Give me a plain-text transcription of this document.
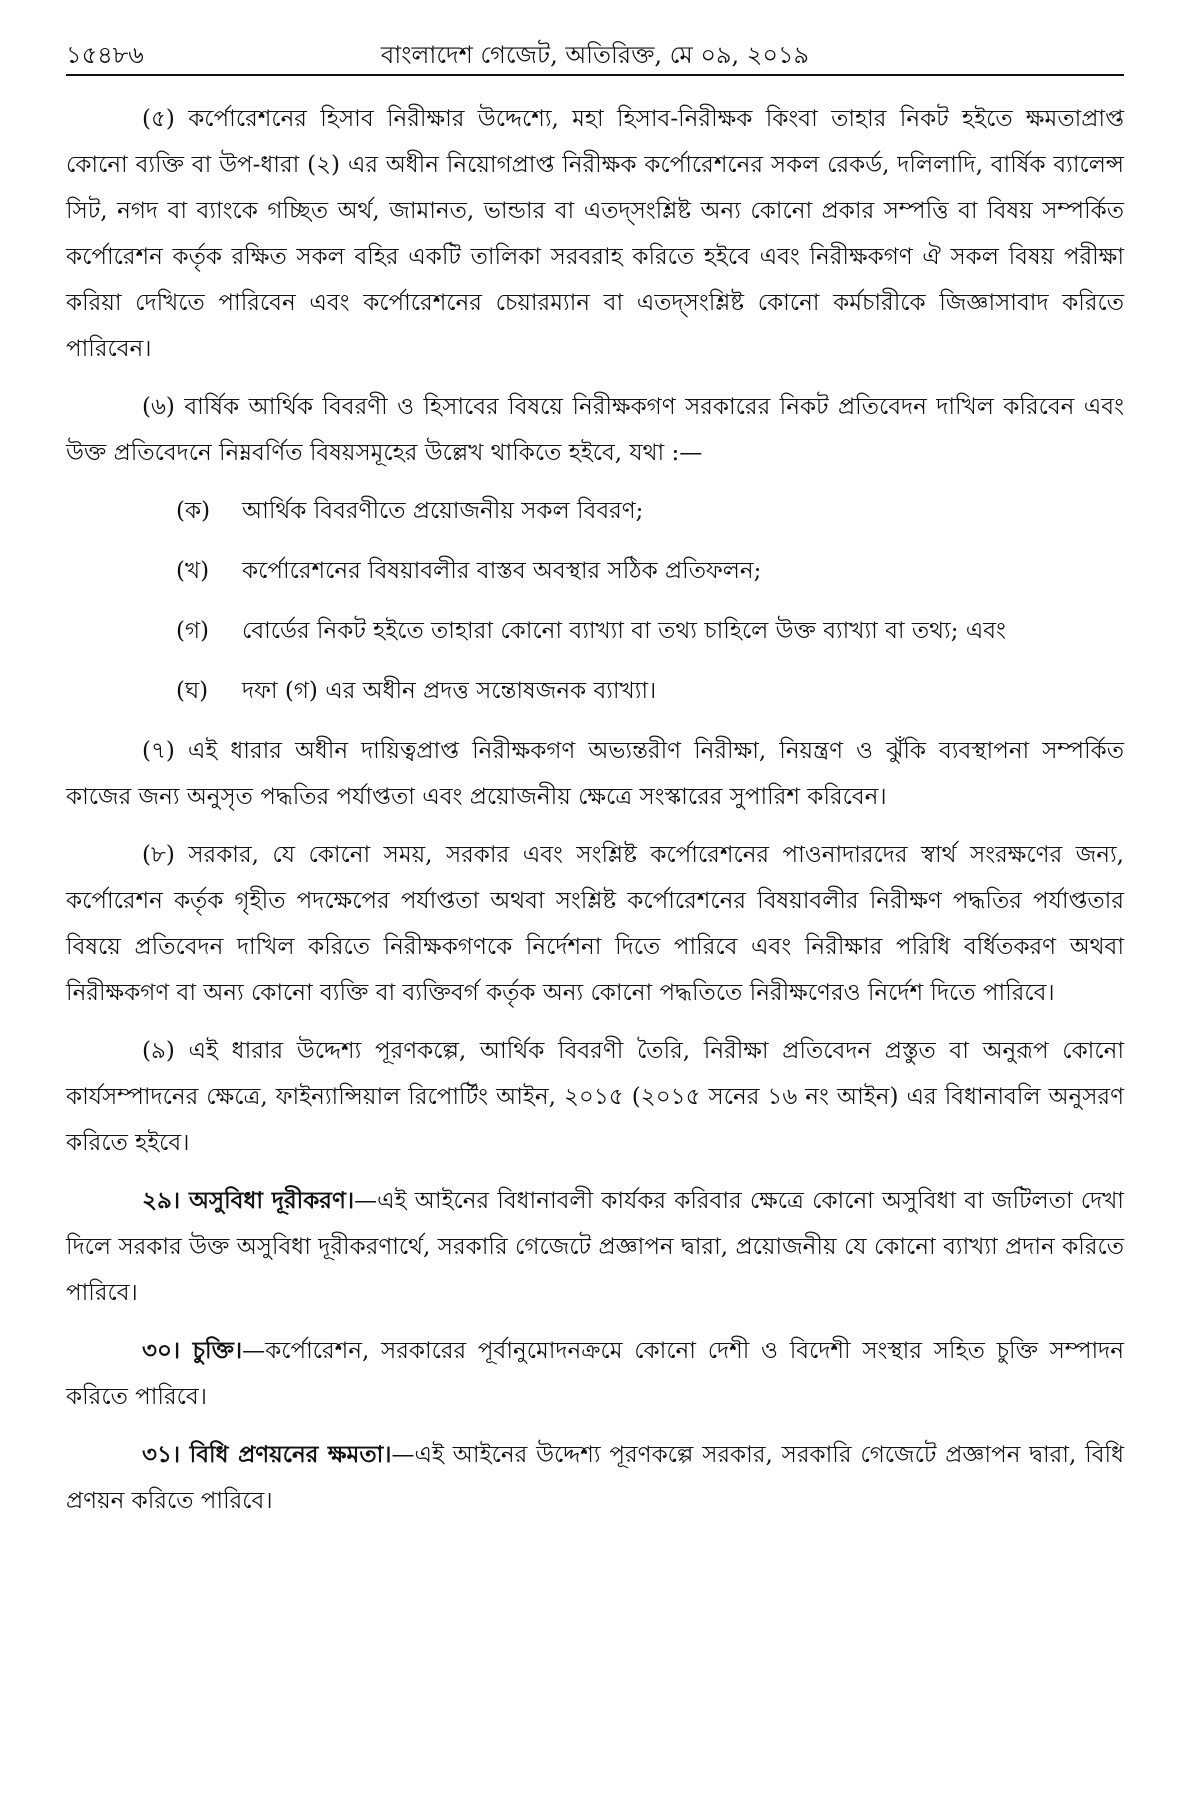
১৫৪৮৬	বাংলাদেশ গেজেট, অতিরিক্ত, মে ০৯, ২০১৯

(৫) কর্পোরেশনের হিসাব নিরীক্ষার উদ্দেশ্যে, মহা হিসাব-নিরীক্ষক কিংবা তাহার নিকট হইতে ক্ষমতাপ্রাপ্ত কোনো ব্যক্তি বা উপ-ধারা (২) এর অধীন নিয়োগপ্রাপ্ত নিরীক্ষক কর্পোরেশনের সকল রেকর্ড, দলিলাদি, বার্ষিক ব্যালেন্স সিট, নগদ বা ব্যাংকে গচ্ছিত অর্থ, জামানত, ভান্ডার বা এতদ্‌সংশ্লিষ্ট অন্য কোনো প্রকার সম্পত্তি বা বিষয় সম্পর্কিত কর্পোরেশন কর্তৃক রক্ষিত সকল বহির একটি তালিকা সরবরাহ করিতে হইবে এবং নিরীক্ষকগণ ঐ সকল বিষয় পরীক্ষা করিয়া দেখিতে পারিবেন এবং কর্পোরেশনের চেয়ারম্যান বা এতদ্‌সংশ্লিষ্ট কোনো কর্মচারীকে জিজ্ঞাসাবাদ করিতে পারিবেন।

(৬) বার্ষিক আর্থিক বিবরণী ও হিসাবের বিষয়ে নিরীক্ষকগণ সরকারের নিকট প্রতিবেদন দাখিল করিবেন এবং উক্ত প্রতিবেদনে নিম্নবর্ণিত বিষয়সমূহের উল্লেখ থাকিতে হইবে, যথা :—

(ক)	আর্থিক বিবরণীতে প্রয়োজনীয় সকল বিবরণ;
(খ)	কর্পোরেশনের বিষয়াবলীর বাস্তব অবস্থার সঠিক প্রতিফলন;
(গ)	বোর্ডের নিকট হইতে তাহারা কোনো ব্যাখ্যা বা তথ্য চাহিলে উক্ত ব্যাখ্যা বা তথ্য; এবং
(ঘ)	দফা (গ) এর অধীন প্রদত্ত সন্তোষজনক ব্যাখ্যা।

(৭) এই ধারার অধীন দায়িত্বপ্রাপ্ত নিরীক্ষকগণ অভ্যন্তরীণ নিরীক্ষা, নিয়ন্ত্রণ ও ঝুঁকি ব্যবস্থাপনা সম্পর্কিত কাজের জন্য অনুসৃত পদ্ধতির পর্যাপ্ততা এবং প্রয়োজনীয় ক্ষেত্রে সংস্কারের সুপারিশ করিবেন।

(৮) সরকার, যে কোনো সময়, সরকার এবং সংশ্লিষ্ট কর্পোরেশনের পাওনাদারদের স্বার্থ সংরক্ষণের জন্য, কর্পোরেশন কর্তৃক গৃহীত পদক্ষেপের পর্যাপ্ততা অথবা সংশ্লিষ্ট কর্পোরেশনের বিষয়াবলীর নিরীক্ষণ পদ্ধতির পর্যাপ্ততার বিষয়ে প্রতিবেদন দাখিল করিতে নিরীক্ষকগণকে নির্দেশনা দিতে পারিবে এবং নিরীক্ষার পরিধি বর্ধিতকরণ অথবা নিরীক্ষকগণ বা অন্য কোনো ব্যক্তি বা ব্যক্তিবর্গ কর্তৃক অন্য কোনো পদ্ধতিতে নিরীক্ষণেরও নির্দেশ দিতে পারিবে।

(৯) এই ধারার উদ্দেশ্য পূরণকল্পে, আর্থিক বিবরণী তৈরি, নিরীক্ষা প্রতিবেদন প্রস্তুত বা অনুরূপ কোনো কার্যসম্পাদনের ক্ষেত্রে, ফাইন্যান্সিয়াল রিপোর্টিং আইন, ২০১৫ (২০১৫ সনের ১৬ নং আইন) এর বিধানাবলি অনুসরণ করিতে হইবে।

২৯। অসুবিধা দূরীকরণ।—এই আইনের বিধানাবলী কার্যকর করিবার ক্ষেত্রে কোনো অসুবিধা বা জটিলতা দেখা দিলে সরকার উক্ত অসুবিধা দূরীকরণার্থে, সরকারি গেজেটে প্রজ্ঞাপন দ্বারা, প্রয়োজনীয় যে কোনো ব্যাখ্যা প্রদান করিতে পারিবে।

৩০। চুক্তি।—কর্পোরেশন, সরকারের পূর্বানুমোদনক্রমে কোনো দেশী ও বিদেশী সংস্থার সহিত চুক্তি সম্পাদন করিতে পারিবে।

৩১। বিধি প্রণয়নের ক্ষমতা।—এই আইনের উদ্দেশ্য পূরণকল্পে সরকার, সরকারি গেজেটে প্রজ্ঞাপন দ্বারা, বিধি প্রণয়ন করিতে পারিবে।
